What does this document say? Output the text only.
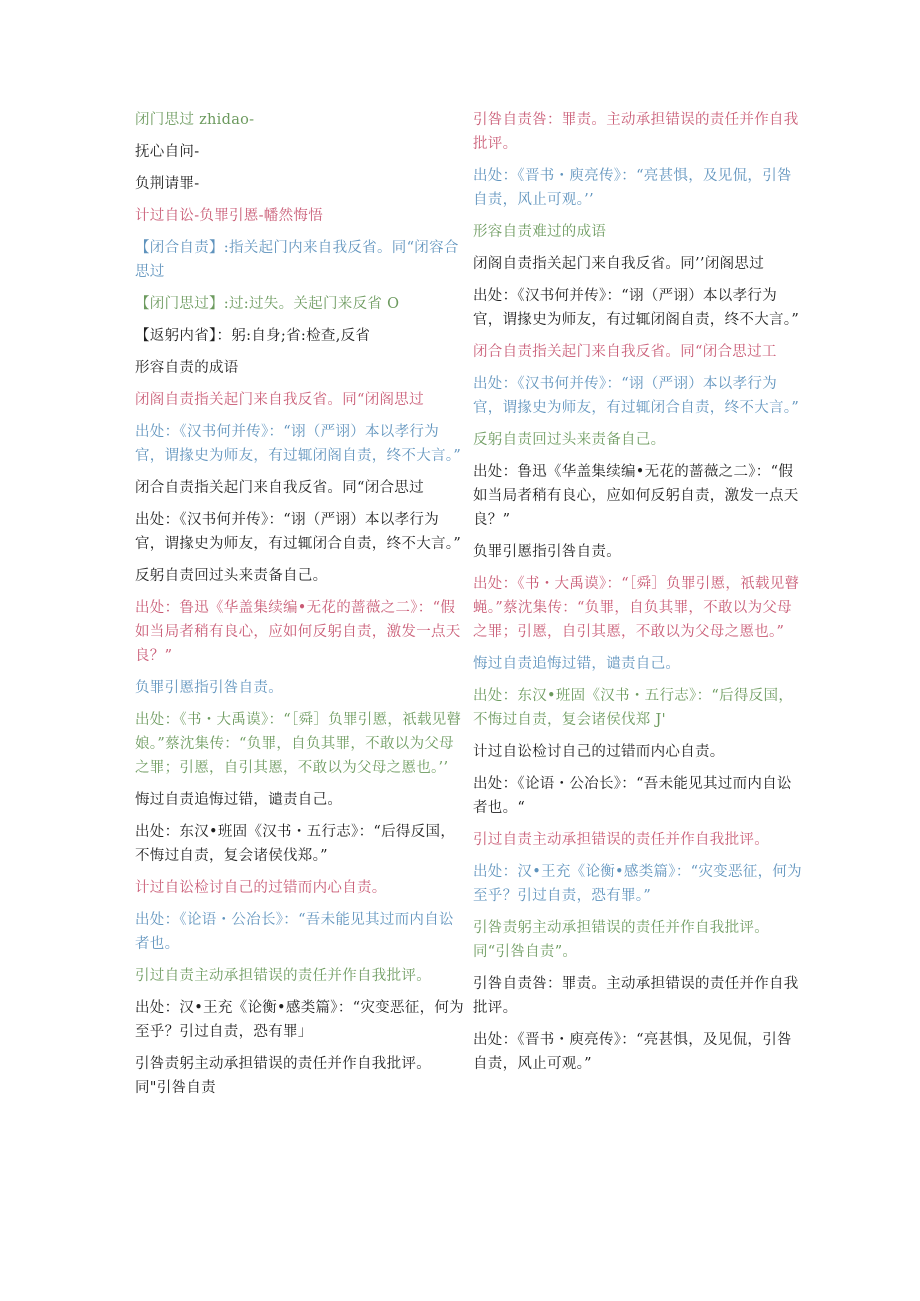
闭门思过 zhidao-

抚心自问-

负荆请罪-

计过自讼-负罪引慝-幡然悔悟

【闭合自责】:指关起门内来自我反省。同“闭容合思过

【闭门思过】:过:过失。关起门来反省 O

【返躬内省】：躬:自身;省:检查,反省

形容自责的成语

闭阁自责指关起门来自我反省。同“闭阁思过

出处：《汉书何并传》：“诩（严诩）本以孝行为官，谓掾史为师友，有过辄闭阁自责，终不大言。”

闭合自责指关起门来自我反省。同“闭合思过

出处：《汉书何并传》：“诩（严诩）本以孝行为官，谓掾史为师友，有过辄闭合自责，终不大言。”

反躬自责回过头来责备自己。

出处：鲁迅《华盖集续编•无花的蔷薇之二》：“假如当局者稍有良心，应如何反躬自责，激发一点天良？”

负罪引慝指引咎自责。

出处：《书・大禹谟》：“［舜］负罪引慝，祇载见瞽娘。”蔡沈集传：“负罪，自负其罪，不敢以为父母之罪；引慝，自引其慝，不敢以为父母之慝也。’’

悔过自责追悔过错，谴责自己。

出处：东汉•班固《汉书・五行志》：“后得反国，不悔过自责，复会诸侯伐郑。”

计过自讼检讨自己的过错而内心自责。

出处：《论语・公冶长》：“吾未能见其过而内自讼者也。

引过自责主动承担错误的责任并作自我批评。

出处：汉•王充《论衡•感类篇》：“灾变恶征，何为至乎？引过自责，恐有罪」

引咎责躬主动承担错误的责任并作自我批评。同"引咎自责

引咎自责咎：罪责。主动承担错误的责任并作自我批评。

出处：《晋书・庾亮传》：“亮甚惧，及见侃，引咎自责，风止可观。’’

形容自责难过的成语

闭阁自责指关起门来自我反省。同’’闭阁思过

出处：《汉书何并传》：“诩（严诩）本以孝行为官，谓掾史为师友，有过辄闭阁自责，终不大言。”

闭合自责指关起门来自我反省。同“闭合思过工

出处：《汉书何并传》：“诩（严诩）本以孝行为官，谓掾史为师友，有过辄闭合自责，终不大言。”

反躬自责回过头来责备自己。

出处：鲁迅《华盖集续编•无花的蔷薇之二》：“假如当局者稍有良心，应如何反躬自责，激发一点天良？”

负罪引慝指引咎自责。

出处：《书・大禹谟》：“［舜］负罪引慝，祇载见瞽蝇。”蔡沈集传：“负罪，自负其罪，不敢以为父母之罪；引慝，自引其慝，不敢以为父母之慝也。”

悔过自责追悔过错，谴责自己。

出处：东汉•班固《汉书・五行志》：“后得反国，不悔过自责，复会诸侯伐郑 J'

计过自讼检讨自己的过错而内心自责。

出处：《论语・公冶长》：“吾未能见其过而内自讼者也。“

引过自责主动承担错误的责任并作自我批评。

出处：汉•王充《论衡•感类篇》：“灾变恶征，何为至乎？引过自责，恐有罪。”

引咎责躬主动承担错误的责任并作自我批评。同“引咎自责”。

引咎自责咎：罪责。主动承担错误的责任并作自我批评。

出处：《晋书・庾亮传》：“亮甚惧，及见侃，引咎自责，风止可观。”
